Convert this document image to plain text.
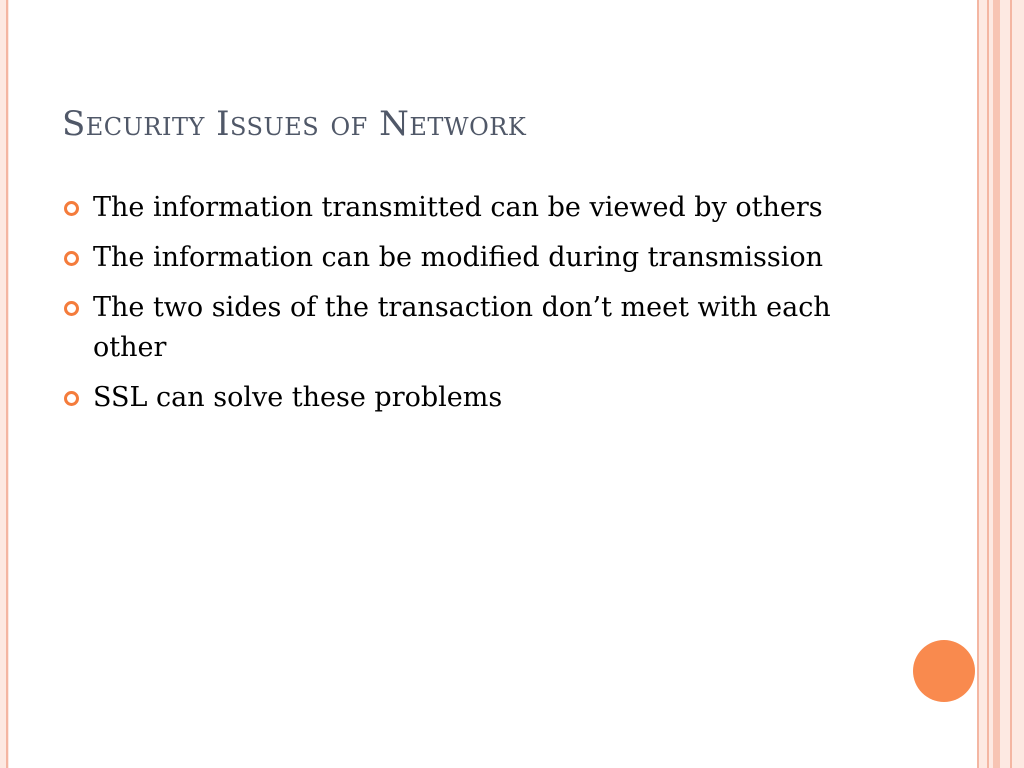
Security Issues of Network
The information transmitted can be viewed by others
The information can be modified during transmission
The two sides of the transaction don’t meet with each other
SSL can solve these problems
